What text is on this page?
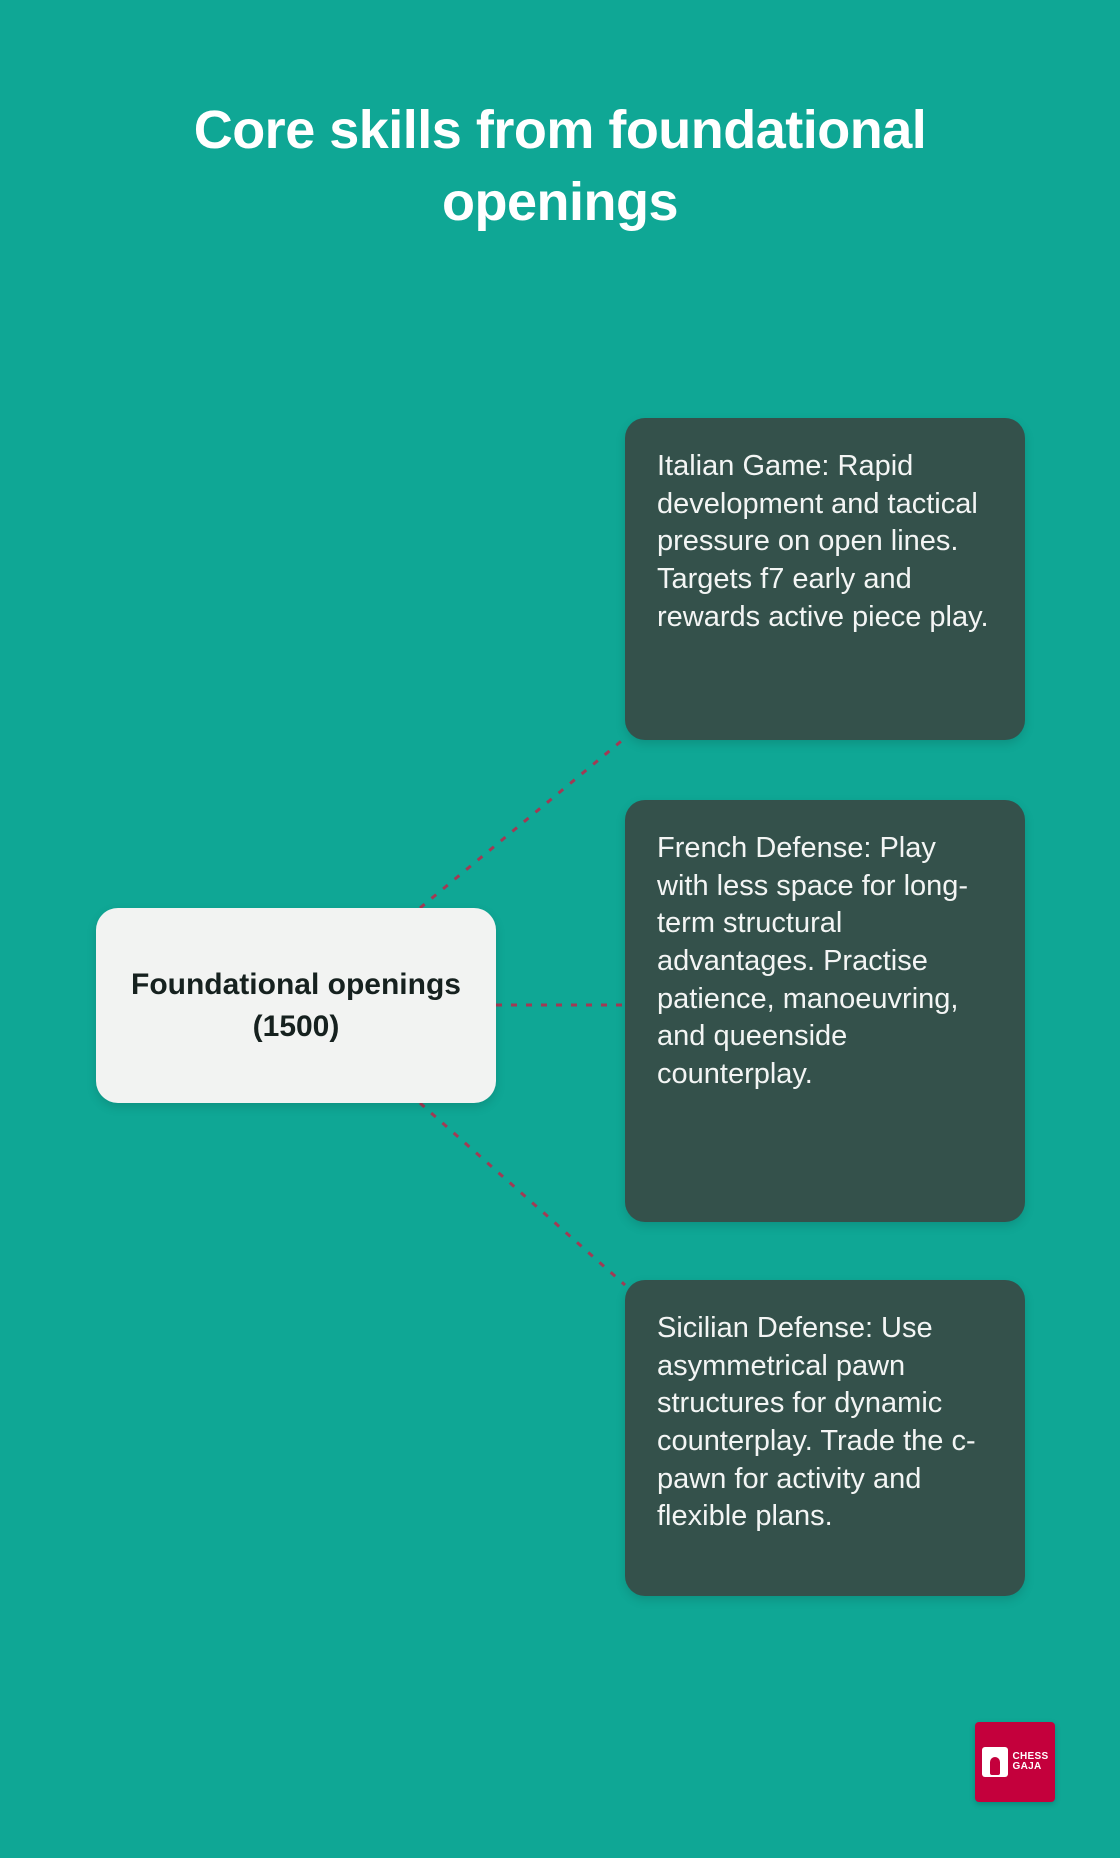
Core skills from foundational openings
Foundational openings (1500)

Italian Game: Rapid development and tactical pressure on open lines. Targets f7 early and rewards active piece play.

French Defense: Play with less space for long-term structural advantages. Practise patience, manoeuvring, and queenside counterplay.

Sicilian Defense: Use asymmetrical pawn structures for dynamic counterplay. Trade the c-pawn for activity and flexible plans.

CHESS
GAJA
